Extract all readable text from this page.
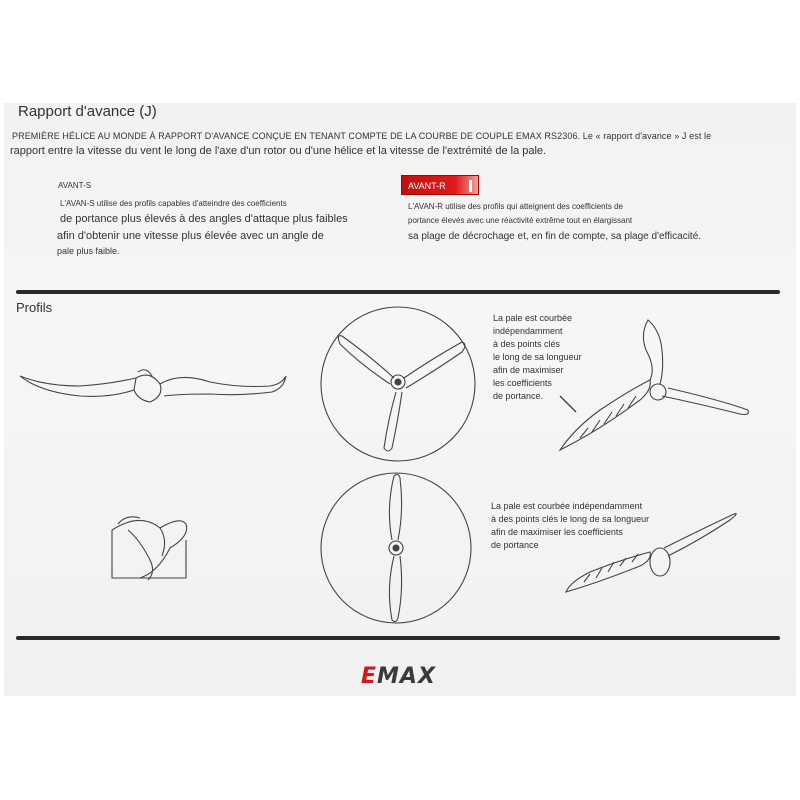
Rapport d'avance (J)
PREMIÈRE HÉLICE AU MONDE À RAPPORT D'AVANCE CONÇUE EN TENANT COMPTE DE LA COURBE DE COUPLE EMAX RS2306. Le « rapport d'avance » J est le
rapport entre la vitesse du vent le long de l'axe d'un rotor ou d'une hélice et la vitesse de l'extrémité de la pale.
AVANT-S
L'AVAN-S utilise des profils capables d'atteindre des coefficients
de portance plus élevés à des angles d'attaque plus faibles
afin d'obtenir une vitesse plus élevée avec un angle de
pale plus faible.
AVANT-R
L'AVAN-R utilise des profils qui atteignent des coefficients de
portance élevés avec une réactivité extrême tout en élargissant
sa plage de décrochage et, en fin de compte, sa plage d'efficacité.
Profils
La pale est courbée
indépendamment
à des points clés
le long de sa longueur
afin de maximiser
les coefficients
de portance.
La pale est courbée indépendamment
à des points clés le long de sa longueur
afin de maximiser les coefficients
de portance
EMAX
